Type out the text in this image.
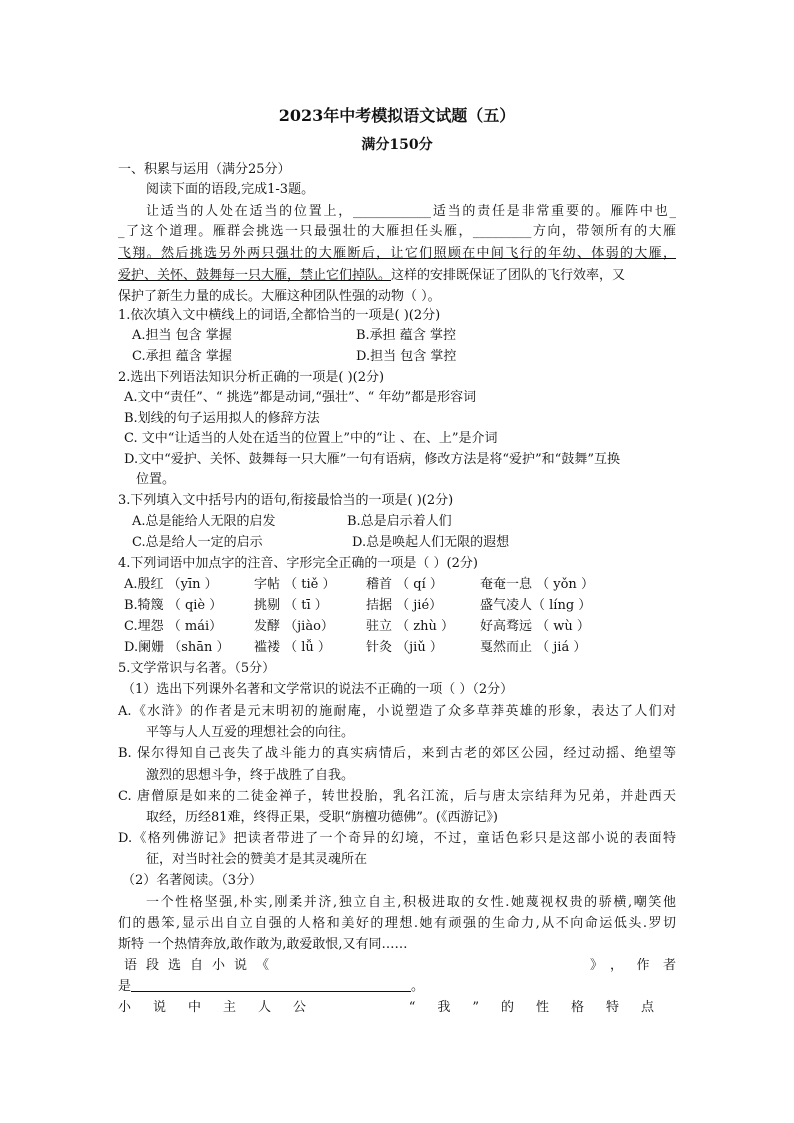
2023年中考模拟语文试题（五）
满分150分
一、积累与运用（满分25分）
阅读下面的语段,完成1-3题。
让适当的人处在适当的位置上，____________适当的责任是非常重要的。雁阵中也_
_了这个道理。雁群会挑选一只最强壮的大雁担任头雁，_________方向，带领所有的大雁
飞翔。然后挑选另外两只强壮的大雁断后，让它们照顾在中间飞行的年幼、体弱的大雁，
爱护、关怀、鼓舞每一只大雁，禁止它们掉队。这样的安排既保证了团队的飞行效率，又
保护了新生力量的成长。大雁这种团队性强的动物（ ）。
1.依次填入文中横线上的词语,全都恰当的一项是( )(2分)
A.担当 包含 掌握	B.承担 蕴含 掌控
C.承担 蕴含 掌握	D.担当 包含 掌控
2.选出下列语法知识分析正确的一项是( )(2分)
A.文中“责任”、“ 挑选”都是动词,“强壮”、“ 年幼”都是形容词
B.划线的句子运用拟人的修辞方法
C. 文中“让适当的人处在适当的位置上”中的“让 、在、上”是介词
D.文中“爱护、关怀、鼓舞每一只大雁”一句有语病，修改方法是将“爱护”和“鼓舞”互换
位置。
3.下列填入文中括号内的语句,衔接最恰当的一项是( )(2分)
A.总是能给人无限的启发	B.总是启示着人们
C.总是给人一定的启示	D.总是唤起人们无限的遐想
4.下列词语中加点字的注音、字形完全正确的一项是（ ）(2分)
A.殷红 （yīn ）	字帖 （ tiě ） 稽首 （ qí ）	奄奄一息 （ yǒn ）
B.犄篾 （ qiè ） 挑剔 （ tī ）	拮据 （ jié）	盛气凌人（ líng ）
C.埋怨 （ mái） 发酵 （jiào） 驻立 （ zhù ） 好高骛远 （ wù ）
D.阑姗 （shān ） 褴褛 （ lǚ ）	针灸 （jiǔ ）	戛然而止 （ jiá ）
5.文学常识与名著。（5分）
（1）选出下列课外名著和文学常识的说法不正确的一项（ ）（2分）
A.《水浒》的作者是元末明初的施耐庵，小说塑造了众多草莽英雄的形象，表达了人们对
平等与人人互爱的理想社会的向往。
B. 保尔得知自己丧失了战斗能力的真实病情后，来到古老的郊区公园，经过动摇、绝望等
激烈的思想斗争，终于战胜了自我。
C. 唐僧原是如来的二徒金禅子，转世投胎，乳名江流，后与唐太宗结拜为兄弟，并赴西天
取经，历经81难，终得正果，受职“旃檀功德佛”。(《西游记》)
D.《格列佛游记》把读者带进了一个奇异的幻境，不过，童话色彩只是这部小说的表面特
征，对当时社会的赞美才是其灵魂所在
（2）名著阅读。（3分）
一个性格坚强,朴实,刚柔并济,独立自主,积极进取的女性.她蔑视权贵的骄横,嘲笑他
们的愚笨,显示出自立自强的人格和美好的理想.她有顽强的生命力,从不向命运低头.罗切
斯特 一个热情奔放,敢作敢为,敢爱敢恨,又有同……
语段选自小说《	》，作者
是	。
小说中主人公	“我”的性格特点
